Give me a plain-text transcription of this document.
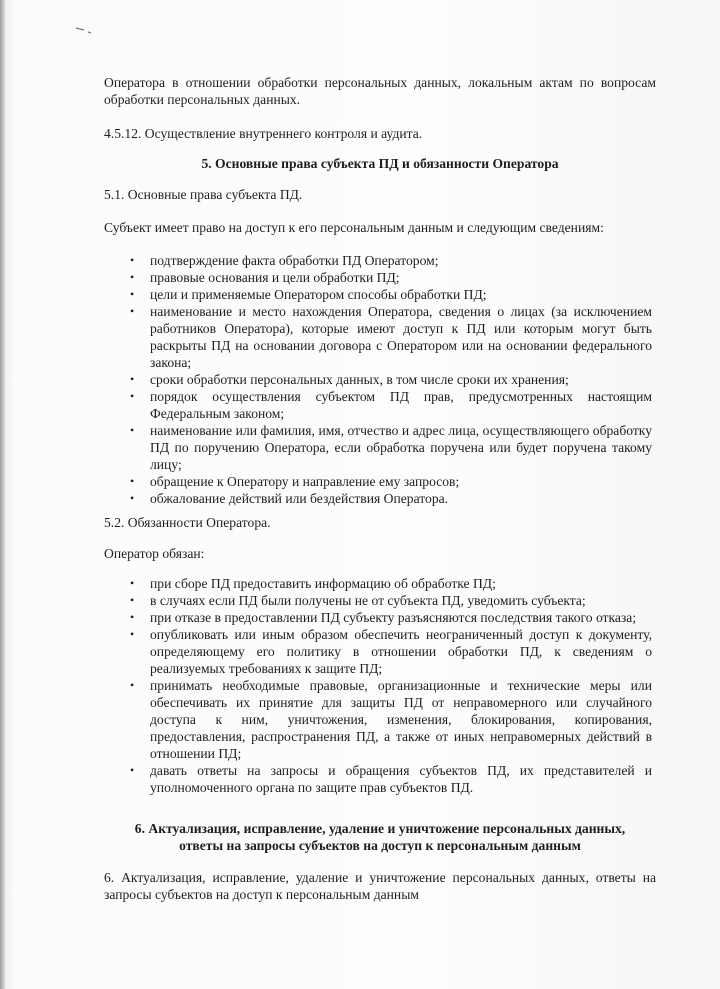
Оператора в отношении обработки персональных данных, локальным актам по вопросам обработки персональных данных.
4.5.12. Осуществление внутреннего контроля и аудита.
5. Основные права субъекта ПД и обязанности Оператора
5.1. Основные права субъекта ПД.
Субъект имеет право на доступ к его персональным данным и следующим сведениям:
• подтверждение факта обработки ПД Оператором;
• правовые основания и цели обработки ПД;
• цели и применяемые Оператором способы обработки ПД;
• наименование и место нахождения Оператора, сведения о лицах (за исключением работников Оператора), которые имеют доступ к ПД или которым могут быть раскрыты ПД на основании договора с Оператором или на основании федерального закона;
• сроки обработки персональных данных, в том числе сроки их хранения;
• порядок осуществления субъектом ПД прав, предусмотренных настоящим Федеральным законом;
• наименование или фамилия, имя, отчество и адрес лица, осуществляющего обработку ПД по поручению Оператора, если обработка поручена или будет поручена такому лицу;
• обращение к Оператору и направление ему запросов;
• обжалование действий или бездействия Оператора.
5.2. Обязанности Оператора.
Оператор обязан:
• при сборе ПД предоставить информацию об обработке ПД;
• в случаях если ПД были получены не от субъекта ПД, уведомить субъекта;
• при отказе в предоставлении ПД субъекту разъясняются последствия такого отказа;
• опубликовать или иным образом обеспечить неограниченный доступ к документу, определяющему его политику в отношении обработки ПД, к сведениям о реализуемых требованиях к защите ПД;
• принимать необходимые правовые, организационные и технические меры или обеспечивать их принятие для защиты ПД от неправомерного или случайного доступа к ним, уничтожения, изменения, блокирования, копирования, предоставления, распространения ПД, а также от иных неправомерных действий в отношении ПД;
• давать ответы на запросы и обращения субъектов ПД, их представителей и уполномоченного органа по защите прав субъектов ПД.
6. Актуализация, исправление, удаление и уничтожение персональных данных,
ответы на запросы субъектов на доступ к персональным данным
6. Актуализация, исправление, удаление и уничтожение персональных данных, ответы на запросы субъектов на доступ к персональным данным
